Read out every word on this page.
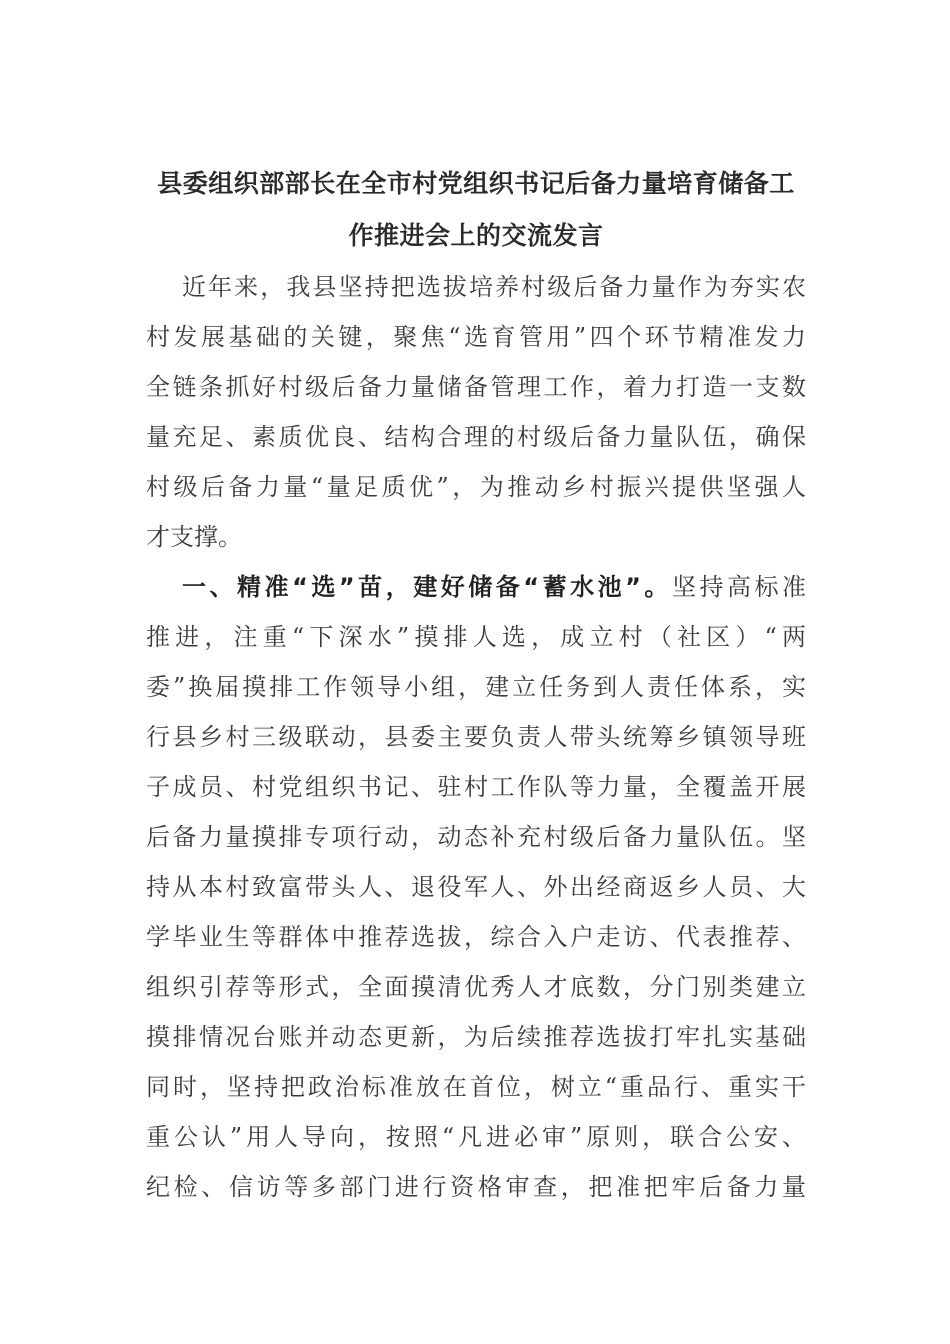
县委组织部部长在全市村党组织书记后备力量培育储备工
作推进会上的交流发言
近年来，我县坚持把选拔培养村级后备力量作为夯实农
村发展基础的关键，聚焦“选育管用”四个环节精准发力
全链条抓好村级后备力量储备管理工作，着力打造一支数
量充足、素质优良、结构合理的村级后备力量队伍，确保
村级后备力量“量足质优”，为推动乡村振兴提供坚强人
才支撑。
一、精准“选”苗，建好储备“蓄水池”。坚持高标准
推进，注重“下深水”摸排人选，成立村（社区）“两
委”换届摸排工作领导小组，建立任务到人责任体系，实
行县乡村三级联动，县委主要负责人带头统筹乡镇领导班
子成员、村党组织书记、驻村工作队等力量，全覆盖开展
后备力量摸排专项行动，动态补充村级后备力量队伍。坚
持从本村致富带头人、退役军人、外出经商返乡人员、大
学毕业生等群体中推荐选拔，综合入户走访、代表推荐、
组织引荐等形式，全面摸清优秀人才底数，分门别类建立
摸排情况台账并动态更新，为后续推荐选拔打牢扎实基础
同时，坚持把政治标准放在首位，树立“重品行、重实干
重公认”用人导向，按照“凡进必审”原则，联合公安、
纪检、信访等多部门进行资格审查，把准把牢后备力量
